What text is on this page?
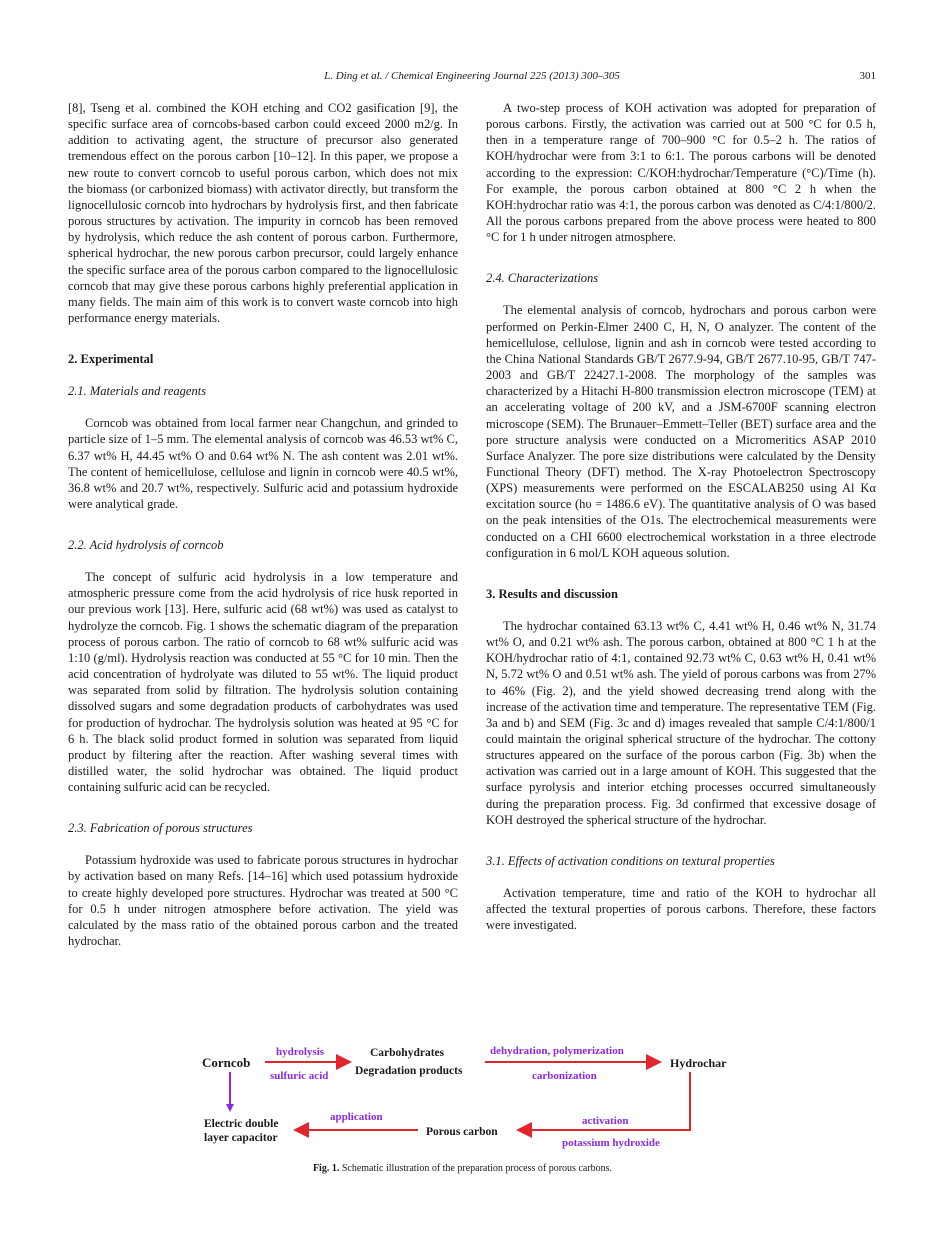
L. Ding et al. / Chemical Engineering Journal 225 (2013) 300–305	301

[8], Tseng et al. combined the KOH etching and CO2 gasification [9], the specific surface area of corncobs-based carbon could exceed 2000 m2/g. In addition to activating agent, the structure of precursor also generated tremendous effect on the porous carbon [10–12]. In this paper, we propose a new route to convert corncob to useful porous carbon, which does not mix the biomass (or carbonized biomass) with activator directly, but transform the lignocellulosic corncob into hydrochars by hydrolysis first, and then fabricate porous structures by activation. The impurity in corncob has been removed by hydrolysis, which reduce the ash content of porous carbon. Furthermore, spherical hydrochar, the new porous carbon precursor, could largely enhance the specific surface area of the porous carbon compared to the lignocellulosic corncob that may give these porous carbons highly preferential application in many fields. The main aim of this work is to convert waste corncob into high performance energy materials.

2. Experimental
2.1. Materials and reagents

Corncob was obtained from local farmer near Changchun, and grinded to particle size of 1–5 mm. The elemental analysis of corncob was 46.53 wt% C, 6.37 wt% H, 44.45 wt% O and 0.64 wt% N. The ash content was 2.01 wt%. The content of hemicellulose, cellulose and lignin in corncob were 40.5 wt%, 36.8 wt% and 20.7 wt%, respectively. Sulfuric acid and potassium hydroxide were analytical grade.

2.2. Acid hydrolysis of corncob

The concept of sulfuric acid hydrolysis in a low temperature and atmospheric pressure come from the acid hydrolysis of rice husk reported in our previous work [13]. Here, sulfuric acid (68 wt%) was used as catalyst to hydrolyze the corncob. Fig. 1 shows the schematic diagram of the preparation process of porous carbon. The ratio of corncob to 68 wt% sulfuric acid was 1:10 (g/ml). Hydrolysis reaction was conducted at 55 °C for 10 min. Then the acid concentration of hydrolyate was diluted to 55 wt%. The liquid product was separated from solid by filtration. The hydrolysis solution containing dissolved sugars and some degradation products of carbohydrates was used for production of hydrochar. The hydrolysis solution was heated at 95 °C for 6 h. The black solid product formed in solution was separated from liquid product by filtering after the reaction. After washing several times with distilled water, the solid hydrochar was obtained. The liquid product containing sulfuric acid can be recycled.

2.3. Fabrication of porous structures

Potassium hydroxide was used to fabricate porous structures in hydrochar by activation based on many Refs. [14–16] which used potassium hydroxide to create highly developed pore structures. Hydrochar was treated at 500 °C for 0.5 h under nitrogen atmosphere before activation. The yield was calculated by the mass ratio of the obtained porous carbon and the treated hydrochar.

A two-step process of KOH activation was adopted for preparation of porous carbons. Firstly, the activation was carried out at 500 °C for 0.5 h, then in a temperature range of 700–900 °C for 0.5–2 h. The ratios of KOH/hydrochar were from 3:1 to 6:1. The porous carbons will be denoted according to the expression: C/KOH:hydrochar/Temperature (°C)/Time (h). For example, the porous carbon obtained at 800 °C 2 h when the KOH:hydrochar ratio was 4:1, the porous carbon was denoted as C/4:1/800/2. All the porous carbons prepared from the above process were heated to 800 °C for 1 h under nitrogen atmosphere.

2.4. Characterizations

The elemental analysis of corncob, hydrochars and porous carbon were performed on Perkin-Elmer 2400 C, H, N, O analyzer. The content of the hemicellulose, cellulose, lignin and ash in corncob were tested according to the China National Standards GB/T 2677.9-94, GB/T 2677.10-95, GB/T 747-2003 and GB/T 22427.1-2008. The morphology of the samples was characterized by a Hitachi H-800 transmission electron microscope (TEM) at an accelerating voltage of 200 kV, and a JSM-6700F scanning electron microscope (SEM). The Brunauer–Emmett–Teller (BET) surface area and the pore structure analysis were conducted on a Micromeritics ASAP 2010 Surface Analyzer. The pore size distributions were calculated by the Density Functional Theory (DFT) method. The X-ray Photoelectron Spectroscopy (XPS) measurements were performed on the ESCALAB250 using Al Kα excitation source (hυ = 1486.6 eV). The quantitative analysis of O was based on the peak intensities of the O1s. The electrochemical measurements were conducted on a CHI 6600 electrochemical workstation in a three electrode configuration in 6 mol/L KOH aqueous solution.

3. Results and discussion

The hydrochar contained 63.13 wt% C, 4.41 wt% H, 0.46 wt% N, 31.74 wt% O, and 0.21 wt% ash. The porous carbon, obtained at 800 °C 1 h at the KOH/hydrochar ratio of 4:1, contained 92.73 wt% C, 0.63 wt% H, 0.41 wt% N, 5.72 wt% O and 0.51 wt% ash. The yield of porous carbons was from 27% to 46% (Fig. 2), and the yield showed decreasing trend along with the increase of the activation time and temperature. The representative TEM (Fig. 3a and b) and SEM (Fig. 3c and d) images revealed that sample C/4:1/800/1 could maintain the original spherical structure of the hydrochar. The cottony structures appeared on the surface of the porous carbon (Fig. 3b) when the activation was carried out in a large amount of KOH. This suggested that the surface pyrolysis and interior etching processes occurred simultaneously during the preparation process. Fig. 3d confirmed that excessive dosage of KOH destroyed the spherical structure of the hydrochar.

3.1. Effects of activation conditions on textural properties

Activation temperature, time and ratio of the KOH to hydrochar all affected the textural properties of porous carbons. Therefore, these factors were investigated.

Corncob
hydrolysis
sulfuric acid
Carbohydrates
Degradation products
dehydration, polymerization
carbonization
Hydrochar
activation
potassium hydroxide
Porous carbon
application
Electric double
layer capacitor
Fig. 1. Schematic illustration of the preparation process of porous carbons.
